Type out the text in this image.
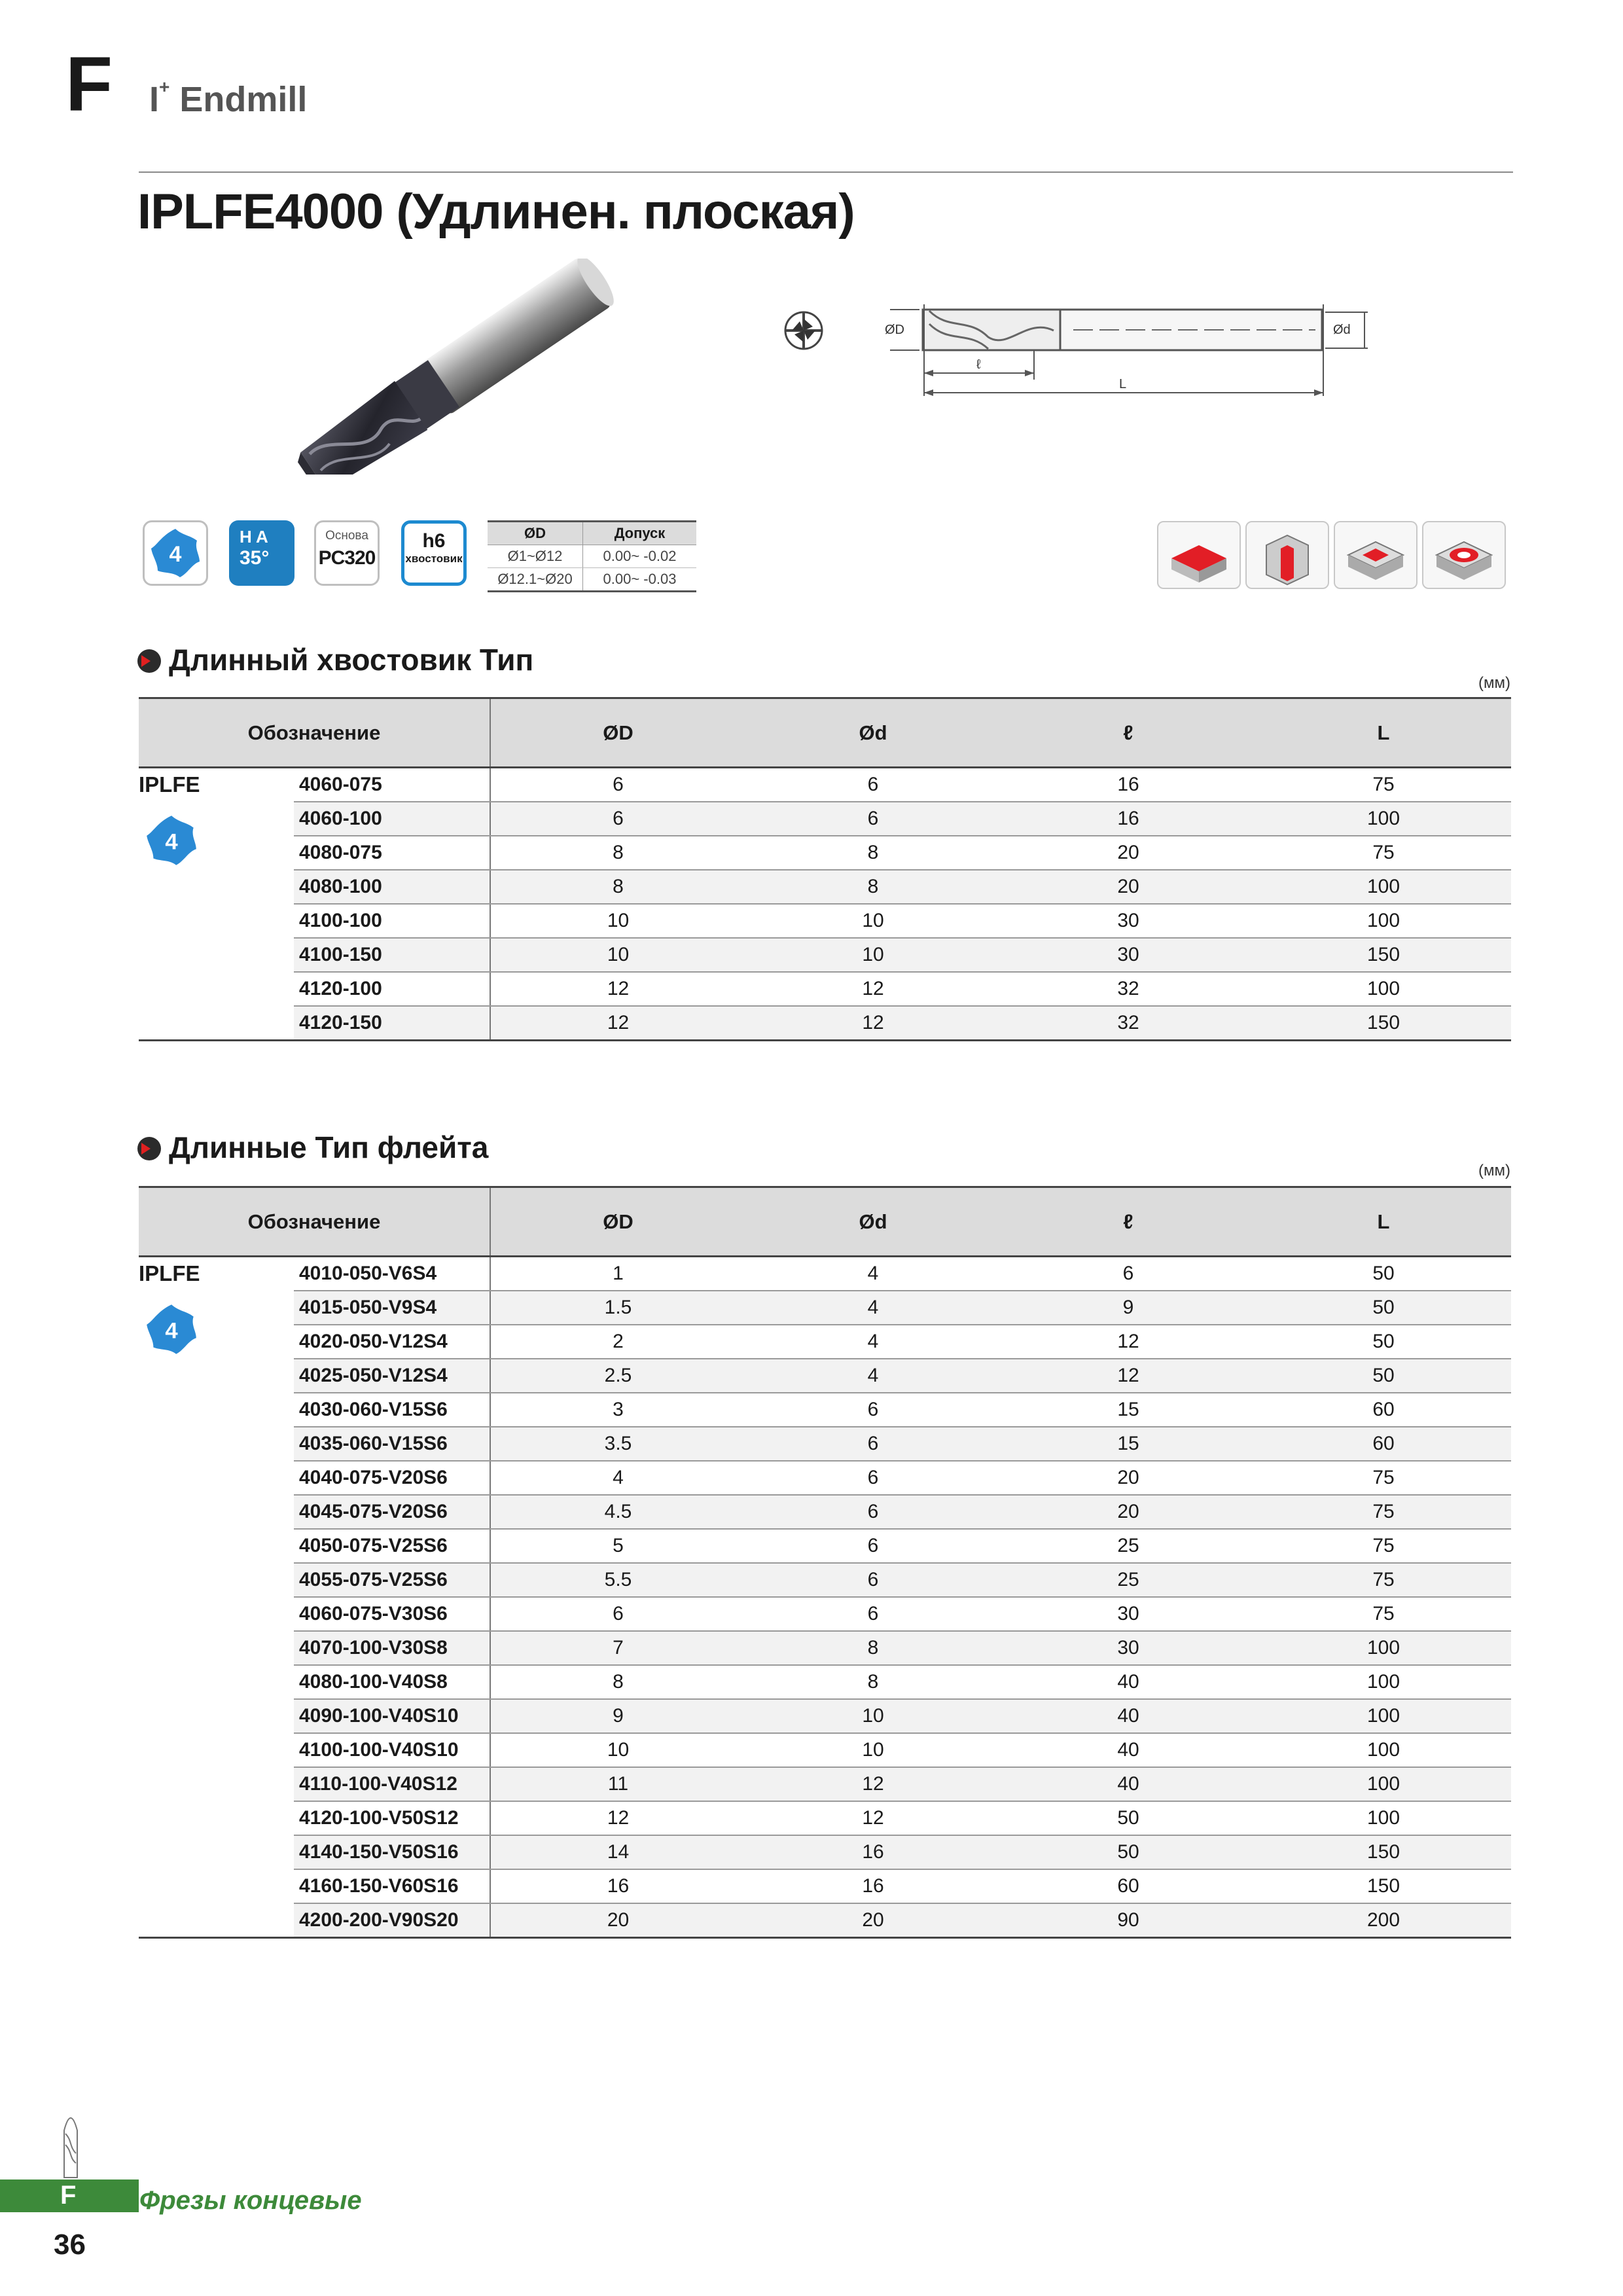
F I+ Endmill
IPLFE4000 (Удлинен. плоская)
ØD	Ød
ℓ
L
4
H A
35°
Основа
PC320
h6
хвостовик
ØD	Допуск
Ø1~Ø12	0.00~ -0.02
Ø12.1~Ø20	0.00~ -0.03
Длинный хвостовик Тип
(мм)
Обозначение		ØD	Ød	ℓ	L

IPLFE
4	4060-075	6	6	16	75
	4060-100	6	6	16	100
	4080-075	8	8	20	75
	4080-100	8	8	20	100
	4100-100	10	10	30	100
	4100-150	10	10	30	150
	4120-100	12	12	32	100
	4120-150	12	12	32	150
Длинные Тип флейта
(мм)
Обозначение		ØD	Ød	ℓ	L

IPLFE
4	4010-050-V6S4	1	4	6	50
	4015-050-V9S4	1.5	4	9	50
	4020-050-V12S4	2	4	12	50
	4025-050-V12S4	2.5	4	12	50
	4030-060-V15S6	3	6	15	60
	4035-060-V15S6	3.5	6	15	60
	4040-075-V20S6	4	6	20	75
	4045-075-V20S6	4.5	6	20	75
	4050-075-V25S6	5	6	25	75
	4055-075-V25S6	5.5	6	25	75
	4060-075-V30S6	6	6	30	75
	4070-100-V30S8	7	8	30	100
	4080-100-V40S8	8	8	40	100
	4090-100-V40S10	9	10	40	100
	4100-100-V40S10	10	10	40	100
	4110-100-V40S12	11	12	40	100
	4120-100-V50S12	12	12	50	100
	4140-150-V50S16	14	16	50	150
	4160-150-V60S16	16	16	60	150
	4200-200-V90S20	20	20	90	200
F Фрезы концевые
36
